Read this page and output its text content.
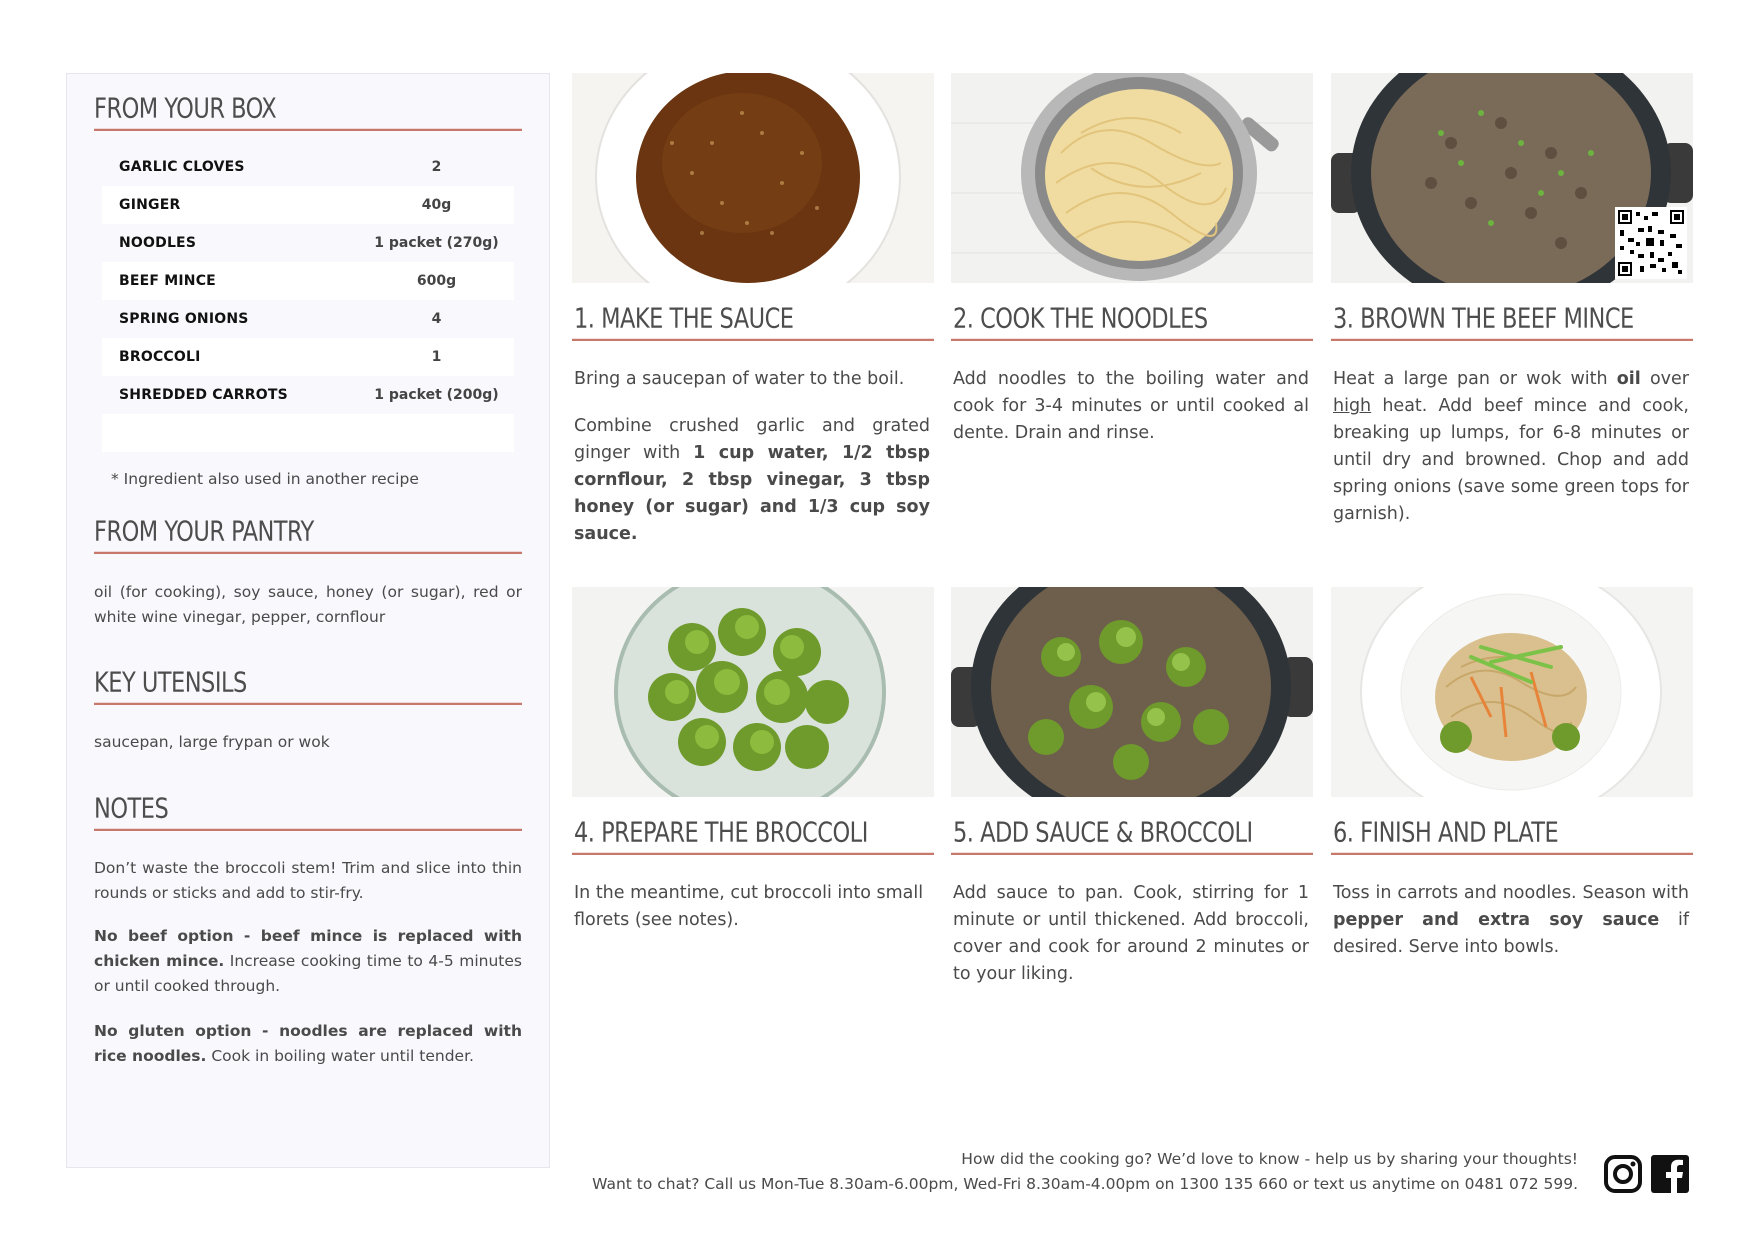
FROM YOUR BOX
GARLIC CLOVES	2
GINGER	40g
NOODLES	1 packet (270g)
BEEF MINCE	600g
SPRING ONIONS	4
BROCCOLI	1
SHREDDED CARROTS	1 packet (200g)
* Ingredient also used in another recipe
FROM YOUR PANTRY
oil (for cooking), soy sauce, honey (or sugar), red or white wine vinegar, pepper, cornflour
KEY UTENSILS
saucepan, large frypan or wok
NOTES
Don’t waste the broccoli stem! Trim and slice into thin rounds or sticks and add to stir-fry.
No beef option - beef mince is replaced with chicken mince. Increase cooking time to 4-5 minutes or until cooked through.
No gluten option - noodles are replaced with rice noodles. Cook in boiling water until tender.
1. MAKE THE SAUCE

Bring a saucepan of water to the boil.

Combine crushed garlic and grated ginger with 1 cup water, 1/2 tbsp cornflour, 2 tbsp vinegar, 3 tbsp honey (or sugar) and 1/3 cup soy sauce.

2. COOK THE NOODLES

Add noodles to the boiling water and cook for 3-4 minutes or until cooked al dente. Drain and rinse.

3. BROWN THE BEEF MINCE

Heat a large pan or wok with oil over high heat. Add beef mince and cook, breaking up lumps, for 6-8 minutes or until dry and browned. Chop and add spring onions (save some green tops for garnish).

4. PREPARE THE BROCCOLI

In the meantime, cut broccoli into small florets (see notes).

5. ADD SAUCE & BROCCOLI

Add sauce to pan. Cook, stirring for 1 minute or until thickened. Add broccoli, cover and cook for around 2 minutes or to your liking.

6. FINISH AND PLATE

Toss in carrots and noodles. Season with pepper and extra soy sauce if desired. Serve into bowls.

How did the cooking go? We’d love to know - help us by sharing your thoughts!
Want to chat? Call us Mon-Tue 8.30am-6.00pm, Wed-Fri 8.30am-4.00pm on 1300 135 660 or text us anytime on 0481 072 599.
